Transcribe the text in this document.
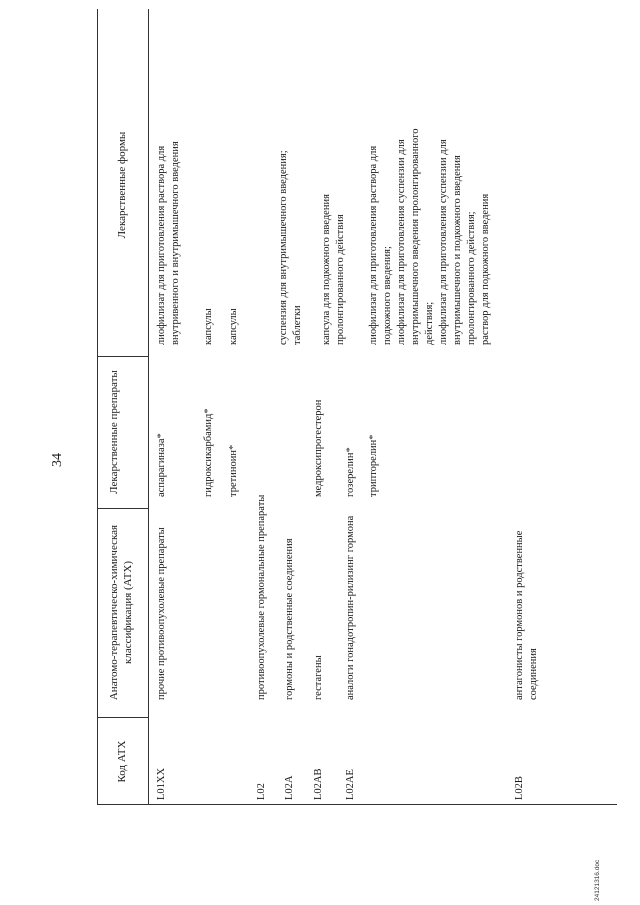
34
Код АТХ
Анатомо-терапевтическо-химическая классификация (АТХ)
Лекарственные препараты
Лекарственные формы
L01XX
прочие противоопухолевые препараты
аспарагиназа*
лиофилизат для приготовления раствора для внутривенного и внутримышечного введения
гидроксикарбамид*
капсулы
третиноин*
капсулы
L02
противоопухолевые гормональные препараты
L02A
гормоны и родственные соединения
L02AB
гестагены
медроксипрогестерон
суспензия для внутримышечного введения; таблетки
L02AE
аналоги гонадотропин-рилизинг гормона
гозерелин*
капсула для подкожного введения пролонгированного действия
трипторелин*
лиофилизат для приготовления раствора для подкожного введения; лиофилизат для приготовления суспензии для внутримышечного введения пролонгированного действия; лиофилизат для приготовления суспензии для внутримышечного и подкожного введения пролонгированного действия; раствор для подкожного введения
L02B
антагонисты гормонов и родственные соединения
24121316.doc
